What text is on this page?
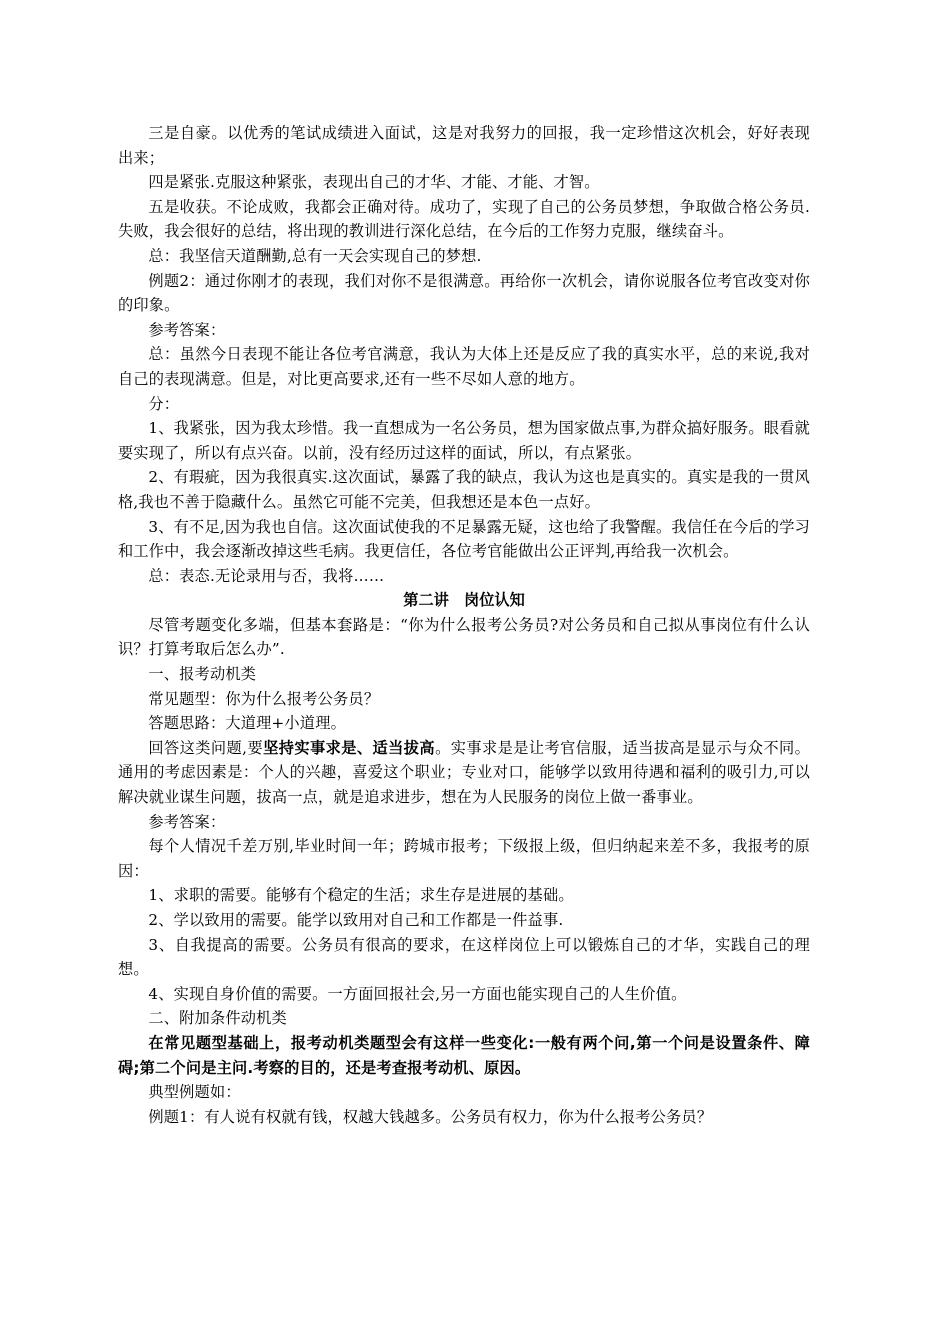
三是自豪。以优秀的笔试成绩进入面试，这是对我努力的回报，我一定珍惜这次机会，好好表现出来；

四是紧张.克服这种紧张，表现出自己的才华、才能、才能、才智。

五是收获。不论成败，我都会正确对待。成功了，实现了自己的公务员梦想，争取做合格公务员.失败，我会很好的总结，将出现的教训进行深化总结，在今后的工作努力克服，继续奋斗。

总：我坚信天道酬勤,总有一天会实现自己的梦想.

例题2：通过你刚才的表现，我们对你不是很满意。再给你一次机会，请你说服各位考官改变对你的印象。

参考答案：

总：虽然今日表现不能让各位考官满意，我认为大体上还是反应了我的真实水平，总的来说,我对自己的表现满意。但是，对比更高要求,还有一些不尽如人意的地方。

分：

1、我紧张，因为我太珍惜。我一直想成为一名公务员，想为国家做点事,为群众搞好服务。眼看就要实现了，所以有点兴奋。以前，没有经历过这样的面试，所以，有点紧张。

2、有瑕疵，因为我很真实.这次面试，暴露了我的缺点，我认为这也是真实的。真实是我的一贯风格,我也不善于隐藏什么。虽然它可能不完美，但我想还是本色一点好。

3、有不足,因为我也自信。这次面试使我的不足暴露无疑，这也给了我警醒。我信任在今后的学习和工作中，我会逐渐改掉这些毛病。我更信任，各位考官能做出公正评判,再给我一次机会。

总：表态.无论录用与否，我将……

第二讲　岗位认知

尽管考题变化多端，但基本套路是：“你为什么报考公务员?对公务员和自己拟从事岗位有什么认识？打算考取后怎么办”.

一、报考动机类

常见题型：你为什么报考公务员？

答题思路：大道理+小道理。

回答这类问题,要坚持实事求是、适当拔高。实事求是是让考官信服，适当拔高是显示与众不同。通用的考虑因素是：个人的兴趣，喜爱这个职业；专业对口，能够学以致用待遇和福利的吸引力,可以解决就业谋生问题，拔高一点，就是追求进步，想在为人民服务的岗位上做一番事业。

参考答案：

每个人情况千差万别,毕业时间一年；跨城市报考；下级报上级，但归纳起来差不多，我报考的原因：

1、求职的需要。能够有个稳定的生活；求生存是进展的基础。

2、学以致用的需要。能学以致用对自己和工作都是一件益事.

3、自我提高的需要。公务员有很高的要求，在这样岗位上可以锻炼自己的才华，实践自己的理想。

4、实现自身价值的需要。一方面回报社会,另一方面也能实现自己的人生价值。

二、附加条件动机类

在常见题型基础上，报考动机类题型会有这样一些变化:一般有两个问,第一个问是设置条件、障碍;第二个问是主问.考察的目的，还是考查报考动机、原因。

典型例题如：

例题1：有人说有权就有钱，权越大钱越多。公务员有权力，你为什么报考公务员？
